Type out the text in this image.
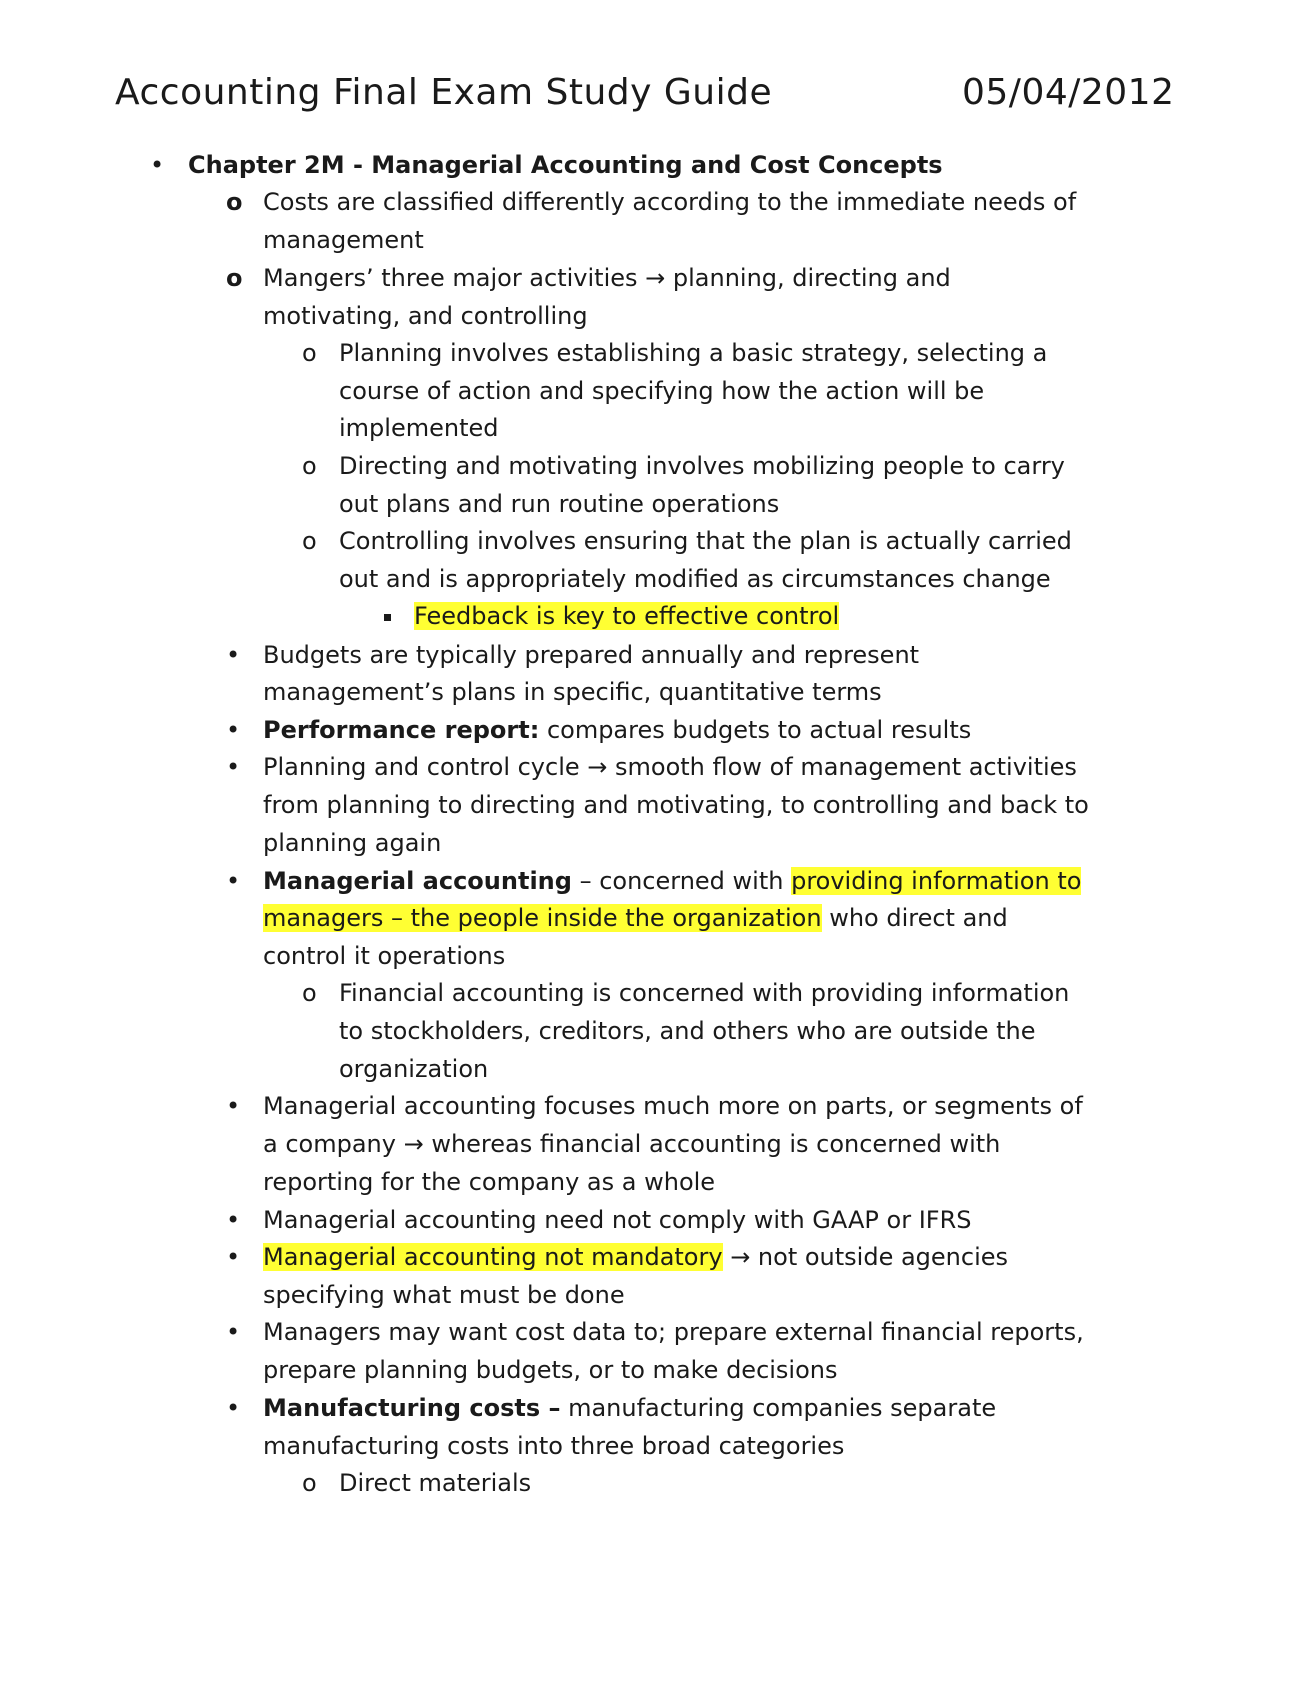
Accounting Final Exam Study Guide	05/04/2012
• Chapter 2M - Managerial Accounting and Cost Concepts
o Costs are classified differently according to the immediate needs of
management
o Mangers’ three major activities → planning, directing and
motivating, and controlling
o Planning involves establishing a basic strategy, selecting a
course of action and specifying how the action will be
implemented
o Directing and motivating involves mobilizing people to carry
out plans and run routine operations
o Controlling involves ensuring that the plan is actually carried
out and is appropriately modified as circumstances change
Feedback is key to effective control
• Budgets are typically prepared annually and represent
management’s plans in specific, quantitative terms
• Performance report: compares budgets to actual results
• Planning and control cycle → smooth flow of management activities
from planning to directing and motivating, to controlling and back to
planning again
• Managerial accounting – concerned with providing information to
managers – the people inside the organization who direct and
control it operations
o Financial accounting is concerned with providing information
to stockholders, creditors, and others who are outside the
organization
• Managerial accounting focuses much more on parts, or segments of
a company → whereas financial accounting is concerned with
reporting for the company as a whole
• Managerial accounting need not comply with GAAP or IFRS
• Managerial accounting not mandatory → not outside agencies
specifying what must be done
• Managers may want cost data to; prepare external financial reports,
prepare planning budgets, or to make decisions
• Manufacturing costs – manufacturing companies separate
manufacturing costs into three broad categories
o Direct materials
